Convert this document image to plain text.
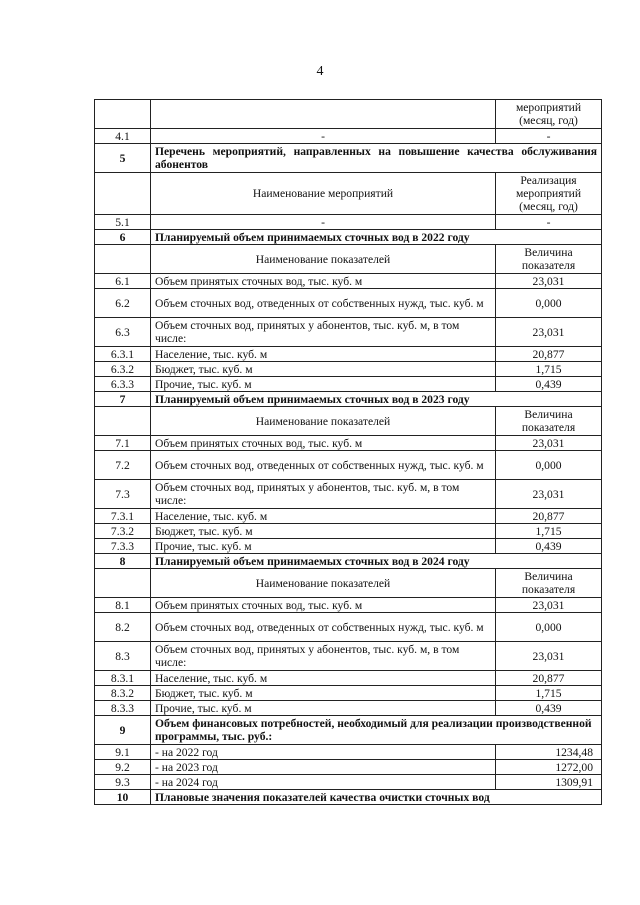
4

		мероприятий
(месяц, год)

4.1	-	-
5	Перечень мероприятий, направленных на повышение качества обслуживания абонентов	
	Наименование мероприятий	Реализация
мероприятий
(месяц, год)

5.1	-	-
6	Планируемый объем принимаемых сточных вод в 2022 году	
	Наименование показателей	Величина
показателя

6.1	Объем принятых сточных вод, тыс. куб. м	23,031
6.2	Объем сточных вод, отведенных от собственных нужд, тыс. куб. м	0,000
6.3	Объем сточных вод, принятых у абонентов, тыс. куб. м, в том числе:	23,031
6.3.1	Население, тыс. куб. м	20,877
6.3.2	Бюджет, тыс. куб. м	1,715
6.3.3	Прочие, тыс. куб. м	0,439
7	Планируемый объем принимаемых сточных вод в 2023 году	
	Наименование показателей	Величина
показателя

7.1	Объем принятых сточных вод, тыс. куб. м	23,031
7.2	Объем сточных вод, отведенных от собственных нужд, тыс. куб. м	0,000
7.3	Объем сточных вод, принятых у абонентов, тыс. куб. м, в том числе:	23,031
7.3.1	Население, тыс. куб. м	20,877
7.3.2	Бюджет, тыс. куб. м	1,715
7.3.3	Прочие, тыс. куб. м	0,439
8	Планируемый объем принимаемых сточных вод в 2024 году	
	Наименование показателей	Величина
показателя

8.1	Объем принятых сточных вод, тыс. куб. м	23,031
8.2	Объем сточных вод, отведенных от собственных нужд, тыс. куб. м	0,000
8.3	Объем сточных вод, принятых у абонентов, тыс. куб. м, в том числе:	23,031
8.3.1	Население, тыс. куб. м	20,877
8.3.2	Бюджет, тыс. куб. м	1,715
8.3.3	Прочие, тыс. куб. м	0,439
9	Объем финансовых потребностей, необходимый для реализации производственной программы, тыс. руб.:	
9.1	- на 2022 год	1234,48
9.2	- на 2023 год	1272,00
9.3	- на 2024 год	1309,91
10	Плановые значения показателей качества очистки сточных вод	
